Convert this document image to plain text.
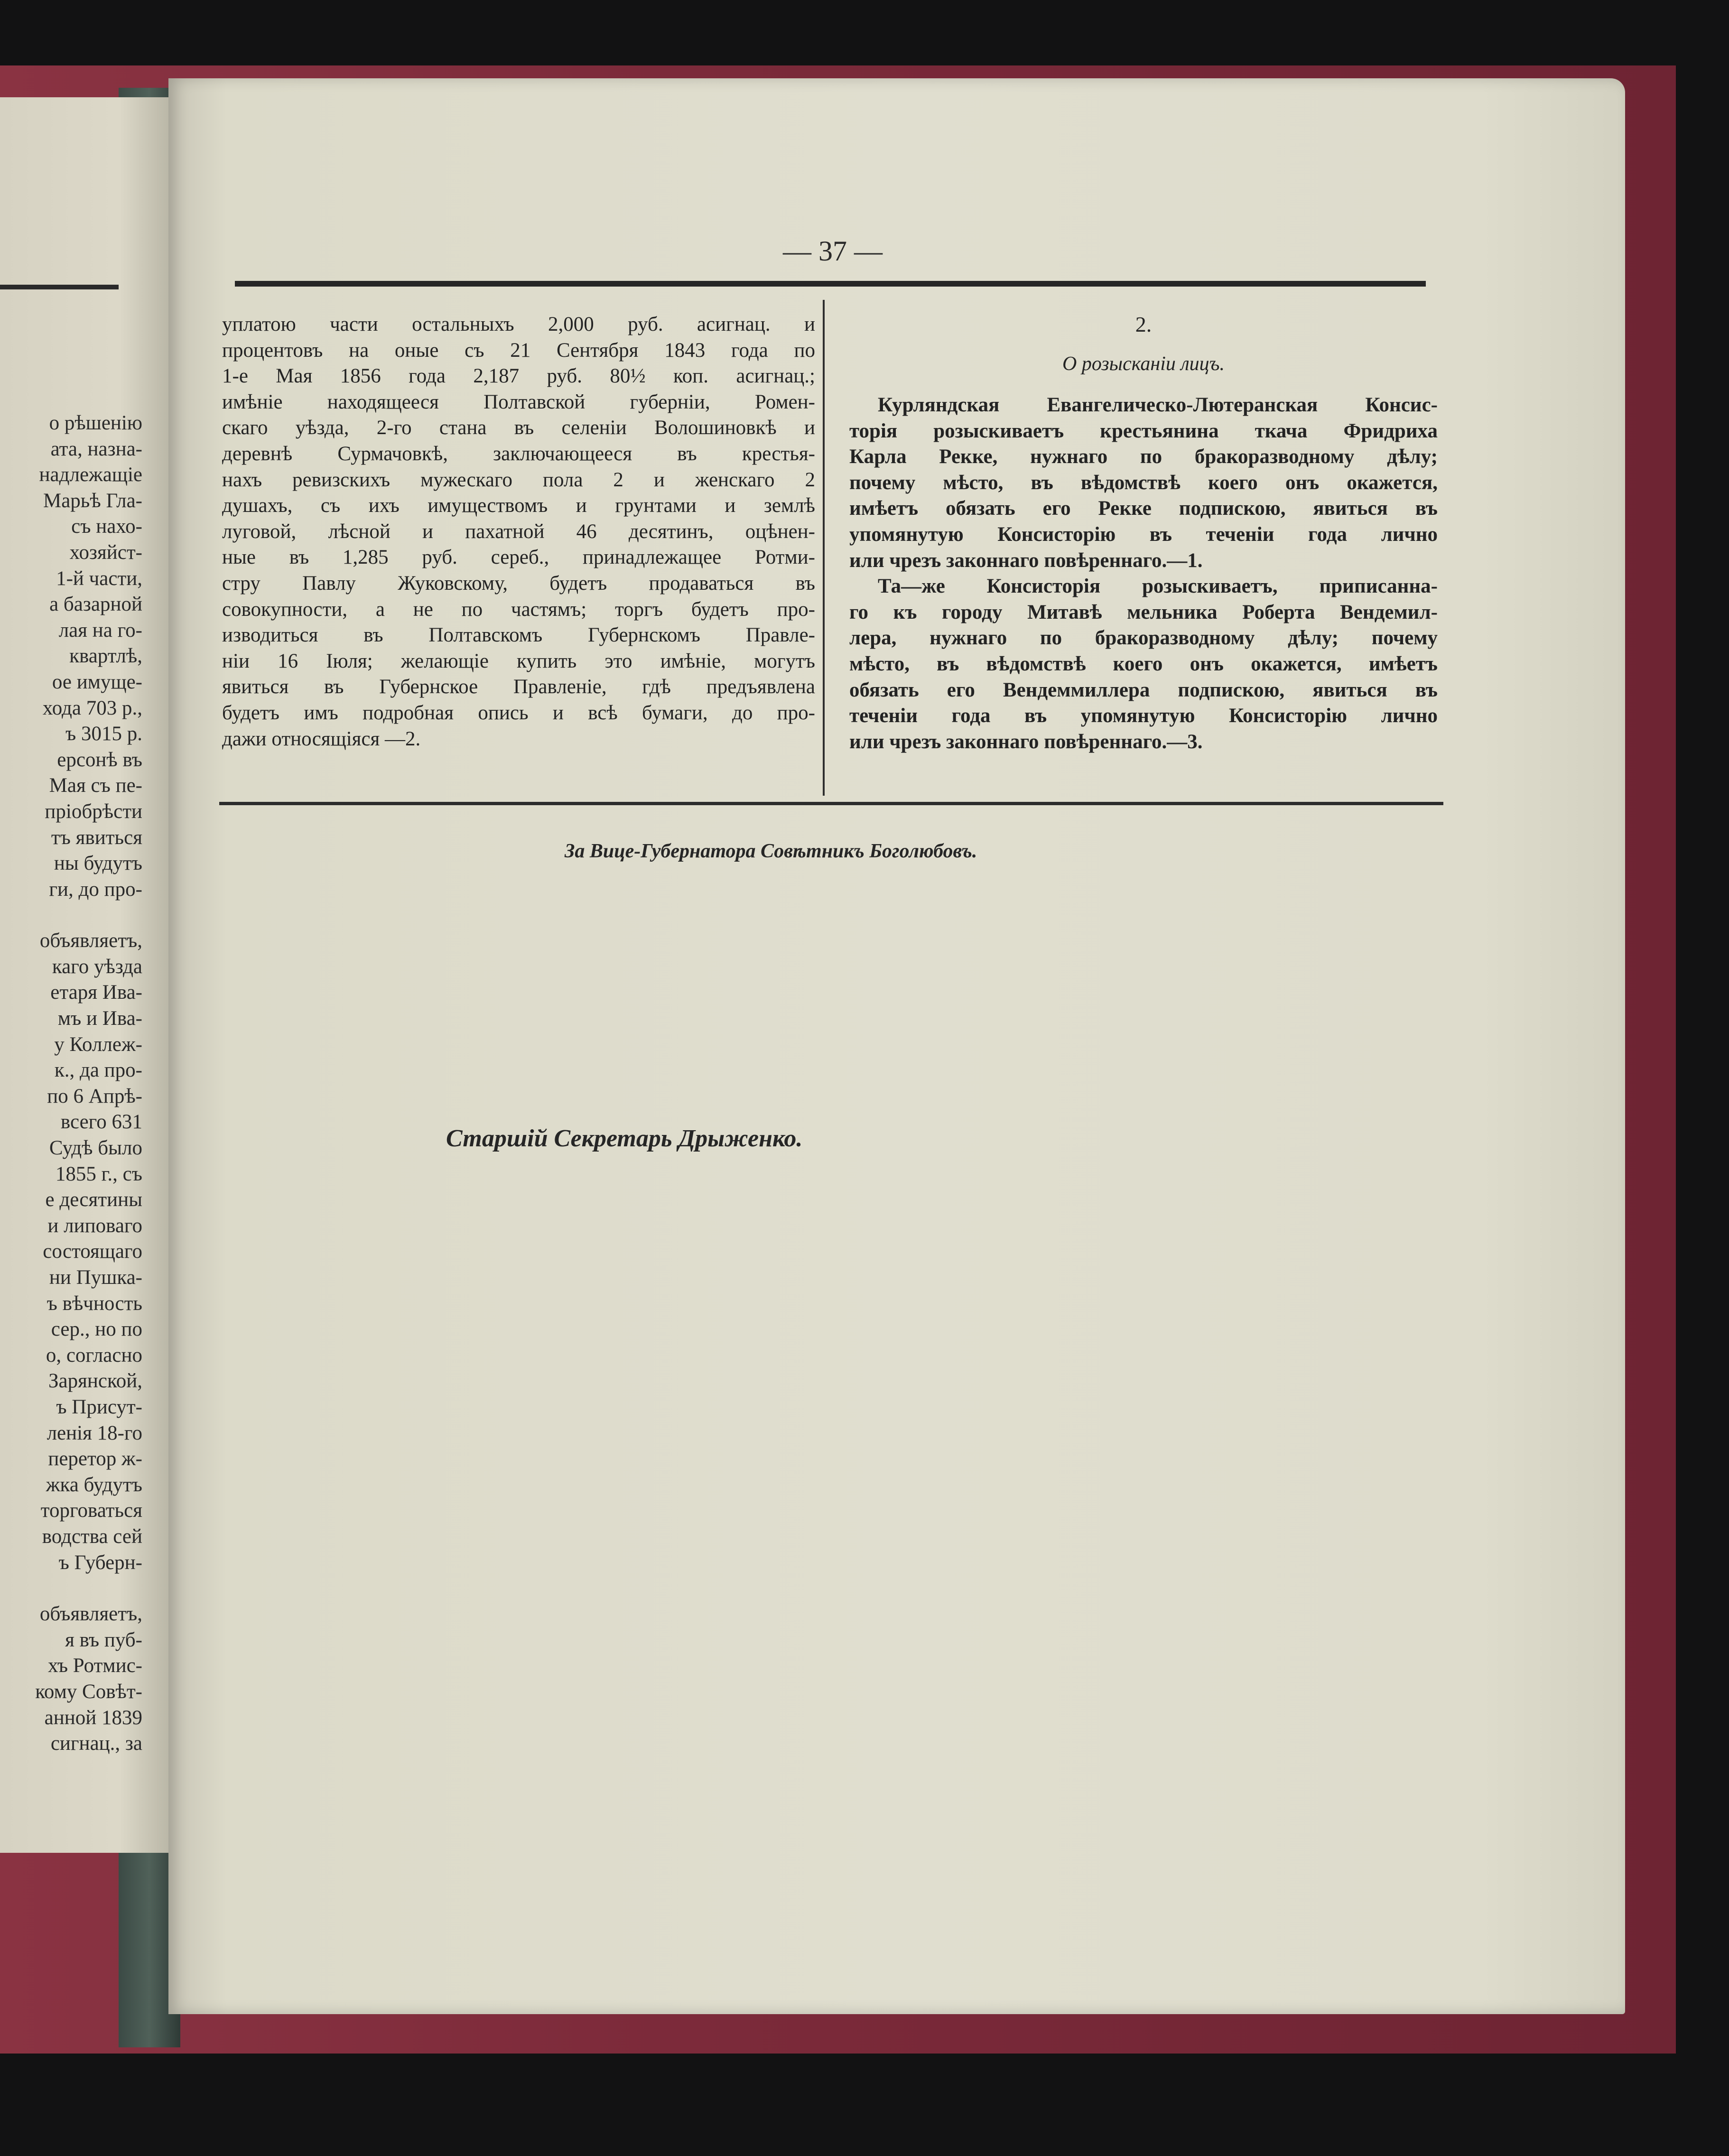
о рѣшенію
ата, назна-
надлежащіе
Марьѣ Гла-
съ нахо-
хозяйст-
1-й части,
а базарной
лая на го-
квартлѣ,
ое имуще-
хода 703 р.,
ъ 3015 р.
ерсонѣ въ
Мая съ пе-
пріобрѣсти
тъ явиться
ны будутъ
ги, до про-
объявляетъ,
каго уѣзда
етаря Ива-
мъ и Ива-
у Коллеж-
к., да про-
по 6 Апрѣ-
всего 631
Судѣ было
1855 г., съ
е десятины
и липоваго
состоящаго
ни Пушка-
ъ вѣчность
сер., но по
о, согласно
Зарянской,
ъ Присут-
ленія 18-го
перетор ж-
жка будутъ
торговаться
водства сей
ъ Губерн-
объявляетъ,
я въ пуб-
хъ Ротмис-
кому Совѣт-
анной 1839
сигнац., за
— 37 —
уплатою части остальныхъ 2,000 руб. асигнац. и
процентовъ на оные съ 21 Сентября 1843 года по
1-е Мая 1856 года 2,187 руб. 80½ коп. асигнац.;
имѣніе находящееся Полтавской губерніи, Ромен-
скаго уѣзда, 2-го стана въ селеніи Волошиновкѣ и
деревнѣ Сурмачовкѣ, заключающееся въ крестья-
нахъ ревизскихъ мужескаго пола 2 и женскаго 2
душахъ, съ ихъ имуществомъ и грунтами и землѣ
луговой, лѣсной и пахатной 46 десятинъ, оцѣнен-
ные въ 1,285 руб. сереб., принадлежащее Ротми-
стру Павлу Жуковскому, будетъ продаваться въ
совокупности, а не по частямъ; торгъ будетъ про-
изводиться въ Полтавскомъ Губернскомъ Правле-
ніи 16 Іюля; желающіе купить это имѣніе, могутъ
явиться въ Губернское Правленіе, гдѣ предъявлена
будетъ имъ подробная опись и всѣ бумаги, до про-
дажи относящіяся —2.
2.
О розысканіи лицъ.
Курляндская Евангелическо-Лютеранская Консис-
торія розыскиваетъ крестьянина ткача Фридриха
Карла Рекке, нужнаго по бракоразводному дѣлу;
почему мѣсто, въ вѣдомствѣ коего онъ окажется,
имѣетъ обязать его Рекке подпискою, явиться въ
упомянутую Консисторію въ теченіи года лично
или чрезъ законнаго повѣреннаго.—1.
Та—же Консисторія розыскиваетъ, приписанна-
го къ городу Митавѣ мельника Роберта Вендемил-
лера, нужнаго по бракоразводному дѣлу; почему
мѣсто, въ вѣдомствѣ коего онъ окажется, имѣетъ
обязать его Вендеммиллера подпискою, явиться въ
теченіи года въ упомянутую Консисторію лично
или чрезъ законнаго повѣреннаго.—3.
За Вице-Губернатора Совѣтникъ Боголюбовъ.
Старшій Секретарь Дрыженко.
